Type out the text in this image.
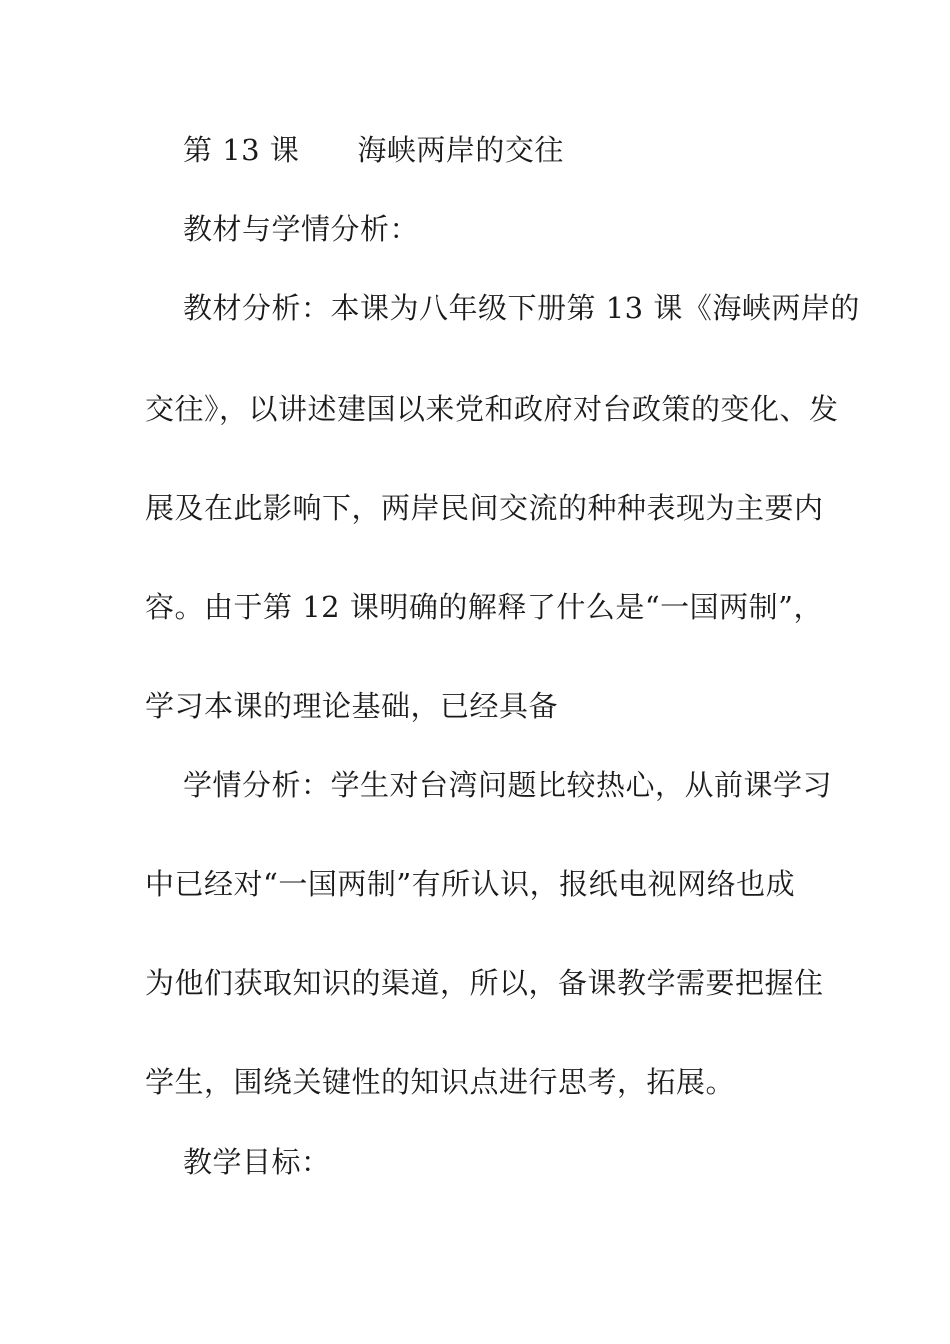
第 13 课 海峡两岸的交往
教材与学情分析：
教材分析：本课为八年级下册第 13 课《海峡两岸的
交往》，以讲述建国以来党和政府对台政策的变化、发
展及在此影响下，两岸民间交流的种种表现为主要内
容。由于第 12 课明确的解释了什么是“一国两制”，
学习本课的理论基础，已经具备
学情分析：学生对台湾问题比较热心，从前课学习
中已经对“一国两制”有所认识，报纸电视网络也成
为他们获取知识的渠道，所以，备课教学需要把握住
学生，围绕关键性的知识点进行思考，拓展。
教学目标：
